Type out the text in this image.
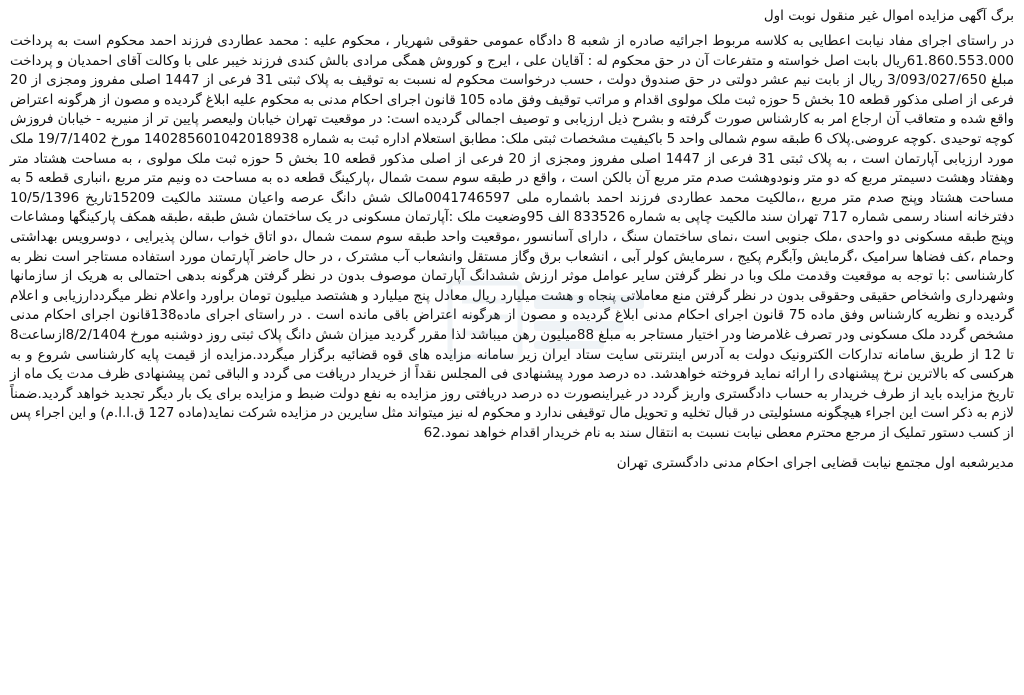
برگ آگهی مزایده اموال غیر منقول نوبت اول

در راستای اجرای مفاد نیابت اعطایی به کلاسه مربوط اجرائیه صادره از شعبه 8 دادگاه عمومی حقوقی شهریار ، محکوم علیه : محمد عطاردی فرزند احمد محکوم است به پرداخت 61.860.553.000ریال بابت اصل خواسته و متفرعات آن در حق محکوم له : آقایان علی ، ایرج و کوروش همگی مرادی بالش کندی فرزند خیبر علی با وکالت آقای احمدیان و پرداخت مبلغ 3/093/027/650 ریال از بابت نیم عشر دولتی در حق صندوق دولت ، حسب درخواست محکوم له نسبت به توقیف به پلاک ثبتی 31 فرعی از 1447 اصلی مفروز ومجزی از 20 فرعی از اصلی مذکور قطعه 10 بخش 5 حوزه ثبت ملک مولوی اقدام و مراتب توقیف وفق ماده 105 قانون اجرای احکام مدنی به محکوم علیه ابلاغ گردیده و مصون از هرگونه اعتراض واقع شده و متعاقب آن ارجاع امر به کارشناس صورت گرفته و بشرح ذیل ارزیابی و توصیف اجمالی گردیده است: در موقعیت تهران خیابان ولیعصر پایین تر از منیریه - خیابان فروزش کوچه توحیدی .کوچه عروضی.پلاک 6 طبقه سوم شمالی واحد 5 باکیفیت مشخصات ثبتی ملک: مطابق استعلام اداره ثبت به شماره 140285601042018938 مورخ 19/7/1402 ملک مورد ارزیابی آپارتمان است ، به پلاک ثبتی 31 فرعی از 1447 اصلی مفروز ومجزی از 20 فرعی از اصلی مذکور قطعه 10 بخش 5 حوزه ثبت ملک مولوی ، به مساحت هشتاد متر وهفتاد وهشت دسیمتر مربع که دو متر ونودوهشت صدم متر مربع آن بالکن است ، واقع در طبقه سوم سمت شمال ،پارکینگ قطعه ده به مساحت ده ونیم متر مربع ،انباری قطعه 5 به مساحت هشتاد وپنج صدم متر مربع ،،مالکیت محمد عطاردی فرزند احمد باشماره ملی 0041746597مالک شش دانگ عرصه واعیان مستند مالکیت 15209تاریخ 10/5/1396 دفترخانه اسناد رسمی شماره 717 تهران سند مالکیت چاپی به شماره 833526 الف 95وضعیت ملک :آپارتمان مسکونی در یک ساختمان شش طبقه ،طبقه همکف پارکینگها ومشاعات وپنج طبقه مسکونی دو واحدی ،ملک جنوبی است ،نمای ساختمان سنگ ، دارای آسانسور ،موقعیت واحد طبقه سوم سمت شمال ،دو اتاق خواب ،سالن پذیرایی ، دوسرویس بهداشتی وحمام ،کف فضاها سرامیک ،گرمایش وآبگرم پکیج ، سرمایش کولر آبی ، انشعاب برق وگاز مستقل وانشعاب آب مشترک ، در حال حاضر آپارتمان مورد استفاده مستاجر است نظر به کارشناسی :با توجه به موقعیت وقدمت ملک وبا در نظر گرفتن سایر عوامل موثر ارزش ششدانگ آپارتمان موصوف بدون در نظر گرفتن هرگونه بدهی احتمالی به هریک از سازمانها وشهرداری واشخاص حقیقی وحقوقی بدون در نظر گرفتن منع معاملاتی پنجاه و هشت میلیارد ریال معادل پنج میلیارد و هشتصد میلیون تومان براورد واعلام نظر میگرددارزیابی و اعلام گردیده و نظریه کارشناس وفق ماده 75 قانون اجرای احکام مدنی ابلاغ گردیده و مصون از هرگونه اعتراض باقی مانده است . در راستای اجرای ماده138قانون اجرای احکام مدنی مشخص گردد ملک مسکونی ودر تصرف غلامرضا ودر اختیار مستاجر به مبلغ 88میلیون رهن میباشد لذا مقرر گردید میزان شش دانگ پلاک ثبتی روز دوشنبه مورخ 8/2/1404ازساعت8 تا 12 از طریق سامانه تدارکات الکترونیک دولت به آدرس اینترنتی سایت ستاد ایران زیر سامانه مزایده های قوه قضائیه برگزار میگردد.مزایده از قیمت پایه کارشناسی شروع و به هرکسی که بالاترین نرخ پیشنهادی را ارائه نماید فروخته خواهدشد. ده درصد مورد پیشنهادی فی المجلس نقداً از خریدار دریافت می گردد و الباقی ثمن پیشنهادی ظرف مدت یک ماه از تاریخ مزایده باید از طرف خریدار به حساب دادگستری واریز گردد در غیراینصورت ده درصد دریافتی روز مزایده به نفع دولت ضبط و مزایده برای یک بار دیگر تجدید خواهد گردید.ضمناً لازم به ذکر است این اجراء هیچگونه مسئولیتی در قبال تخلیه و تحویل مال توقیفی ندارد و محکوم له نیز میتواند مثل سایرین در مزایده شرکت نماید(ماده 127 ق.ا.ا.م) و این اجراء پس از کسب دستور تملیک از مرجع محترم معطی نیابت نسبت به انتقال سند به نام خریدار اقدام خواهد نمود.62

مدیرشعبه اول مجتمع نیابت قضایی اجرای احکام مدنی دادگستری تهران
